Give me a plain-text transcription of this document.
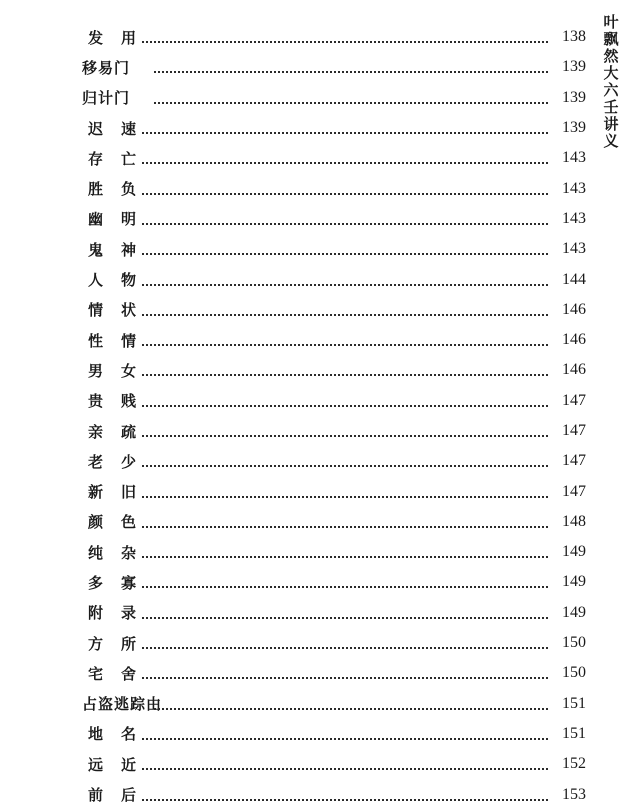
叶飘然大六壬讲义
发 用	138
移易门	139
归计门	139
迟 速	139
存 亡	143
胜 负	143
幽 明	143
鬼 神	143
人 物	144
情 状	146
性 情	146
男 女	146
贵 贱	147
亲 疏	147
老 少	147
新 旧	147
颜 色	148
纯 杂	149
多 寡	149
附 录	149
方 所	150
宅 舍	150
占盗逃踪由	151
地 名	151
远 近	152
前 后	153
